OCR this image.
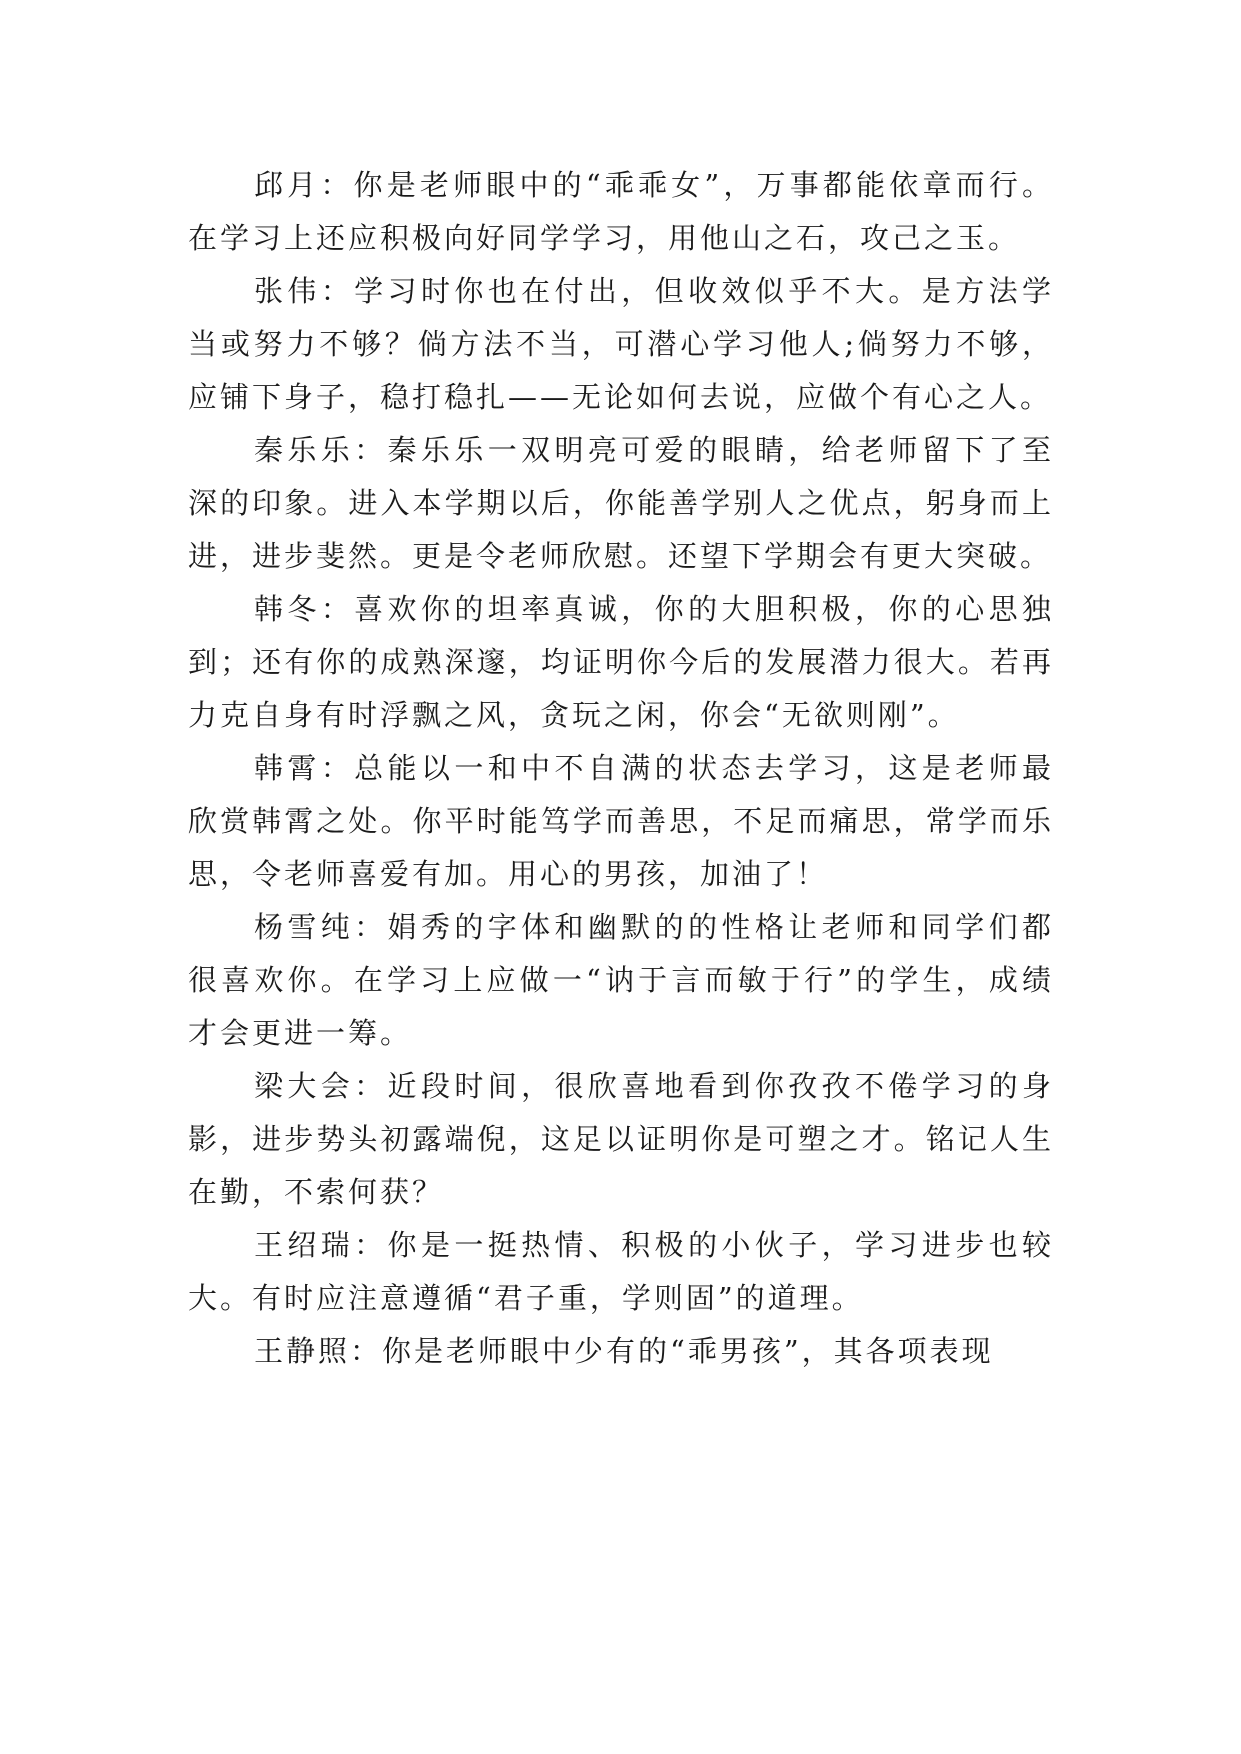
邱月：你是老师眼中的“乖乖女”，万事都能依章而行。在学习上还应积极向好同学学习，用他山之石，攻己之玉。

张伟：学习时你也在付出，但收效似乎不大。是方法学当或努力不够？倘方法不当，可潜心学习他人;倘努力不够，应铺下身子，稳打稳扎——无论如何去说，应做个有心之人。

秦乐乐：秦乐乐一双明亮可爱的眼睛，给老师留下了至深的印象。进入本学期以后，你能善学别人之优点，躬身而上进，进步斐然。更是令老师欣慰。还望下学期会有更大突破。

韩冬：喜欢你的坦率真诚，你的大胆积极，你的心思独到；还有你的成熟深邃，均证明你今后的发展潜力很大。若再力克自身有时浮飘之风，贪玩之闲，你会“无欲则刚”。

韩霄：总能以一和中不自满的状态去学习，这是老师最欣赏韩霄之处。你平时能笃学而善思，不足而痛思，常学而乐思，令老师喜爱有加。用心的男孩，加油了！

杨雪纯：娟秀的字体和幽默的的性格让老师和同学们都很喜欢你。在学习上应做一“讷于言而敏于行”的学生，成绩才会更进一筹。

梁大会：近段时间，很欣喜地看到你孜孜不倦学习的身影，进步势头初露端倪，这足以证明你是可塑之才。铭记人生在勤，不索何获？

王绍瑞：你是一挺热情、积极的小伙子，学习进步也较大。有时应注意遵循“君子重，学则固”的道理。

王静照：你是老师眼中少有的“乖男孩”，其各项表现
